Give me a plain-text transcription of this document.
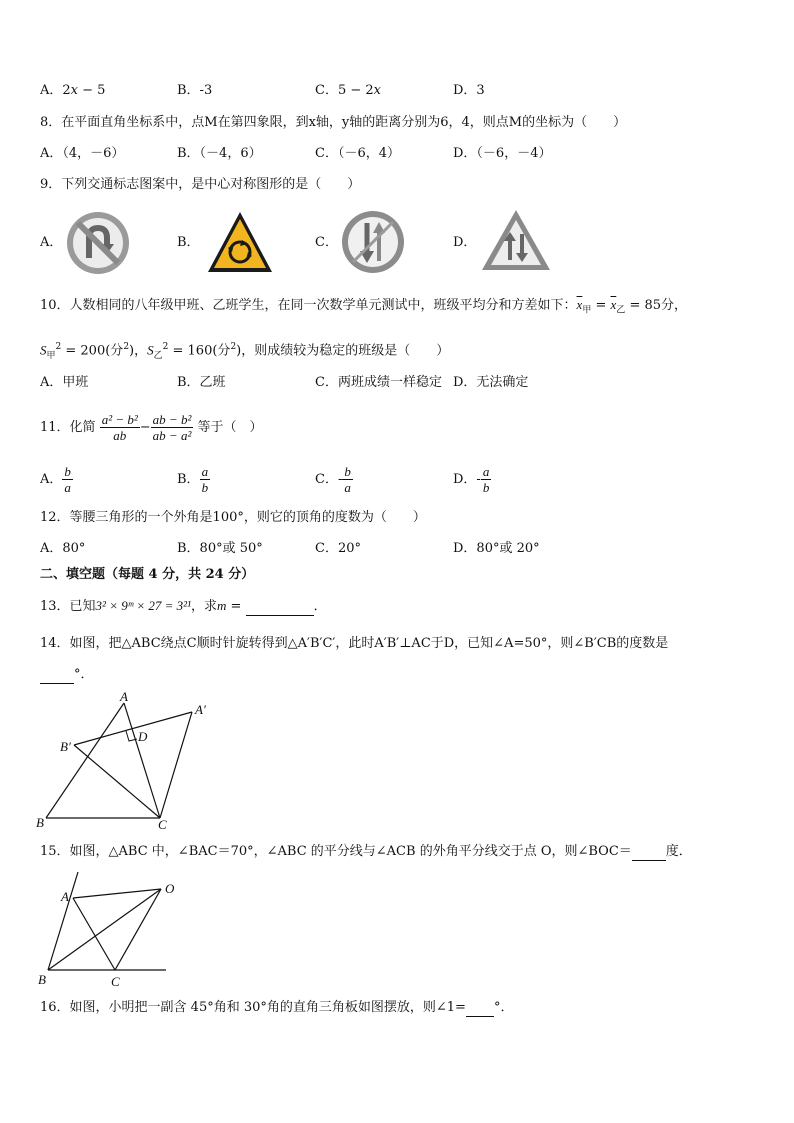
A．2𝑥 − 5	B．-3	C．5 − 2𝑥	D．3
8．在平面直角坐标系中，点M在第四象限，到x轴，y轴的距离分别为6，4，则点M的坐标为（　　）
A．（4，－6）	B．（－4，6）	C．（－6，4）	D．（－6，－4）
9．下列交通标志图案中，是中心对称图形的是（　　）
A．	B．	C．	D．
10．人数相同的八年级甲班、乙班学生，在同一次数学单元测试中，班级平均分和方差如下：$\overline{x}_甲 = \overline{x}_乙 = 85$分，
$S_甲^2 = 200$(分$^2$)，$S_乙^2 = 160$(分$^2$)，则成绩较为稳定的班级是（　　）
A．甲班	B．乙班	C．两班成绩一样稳定 D．无法确定
11．化简 $\frac{\text{a² − b²}}{ab} - \frac{\text{ab − b²}}{\text{ab − a²}}$ 等于（　）
A． $\frac{b}{a}$	B． $\frac{a}{b}$	C．- $\frac{b}{a}$	D．- $\frac{a}{b}$
12．等腰三角形的一个外角是100°，则它的顶角的度数为（　　）
A．80°	B．80°或 50°	C．20°	D．80°或 20°
二、填空题（每题 4 分，共 24 分）
13．已知3² × 9ᵐ × 27 = 3²¹，求m =	．
14．如图，把△ABC绕点C顺时针旋转得到△A′B′C′，此时A′B′⊥AC于D，已知∠A=50°，则∠B′CB的度数是
°．
A
A′
B′
D
B	C
15．如图，△ABC 中，∠BAC＝70°，∠ABC 的平分线与∠ACB 的外角平分线交于点 O，则∠BOC＝	度．
A
O
B	C
16．如图，小明把一副含 45°角和 30°角的直角三角板如图摆放，则∠1= °．
